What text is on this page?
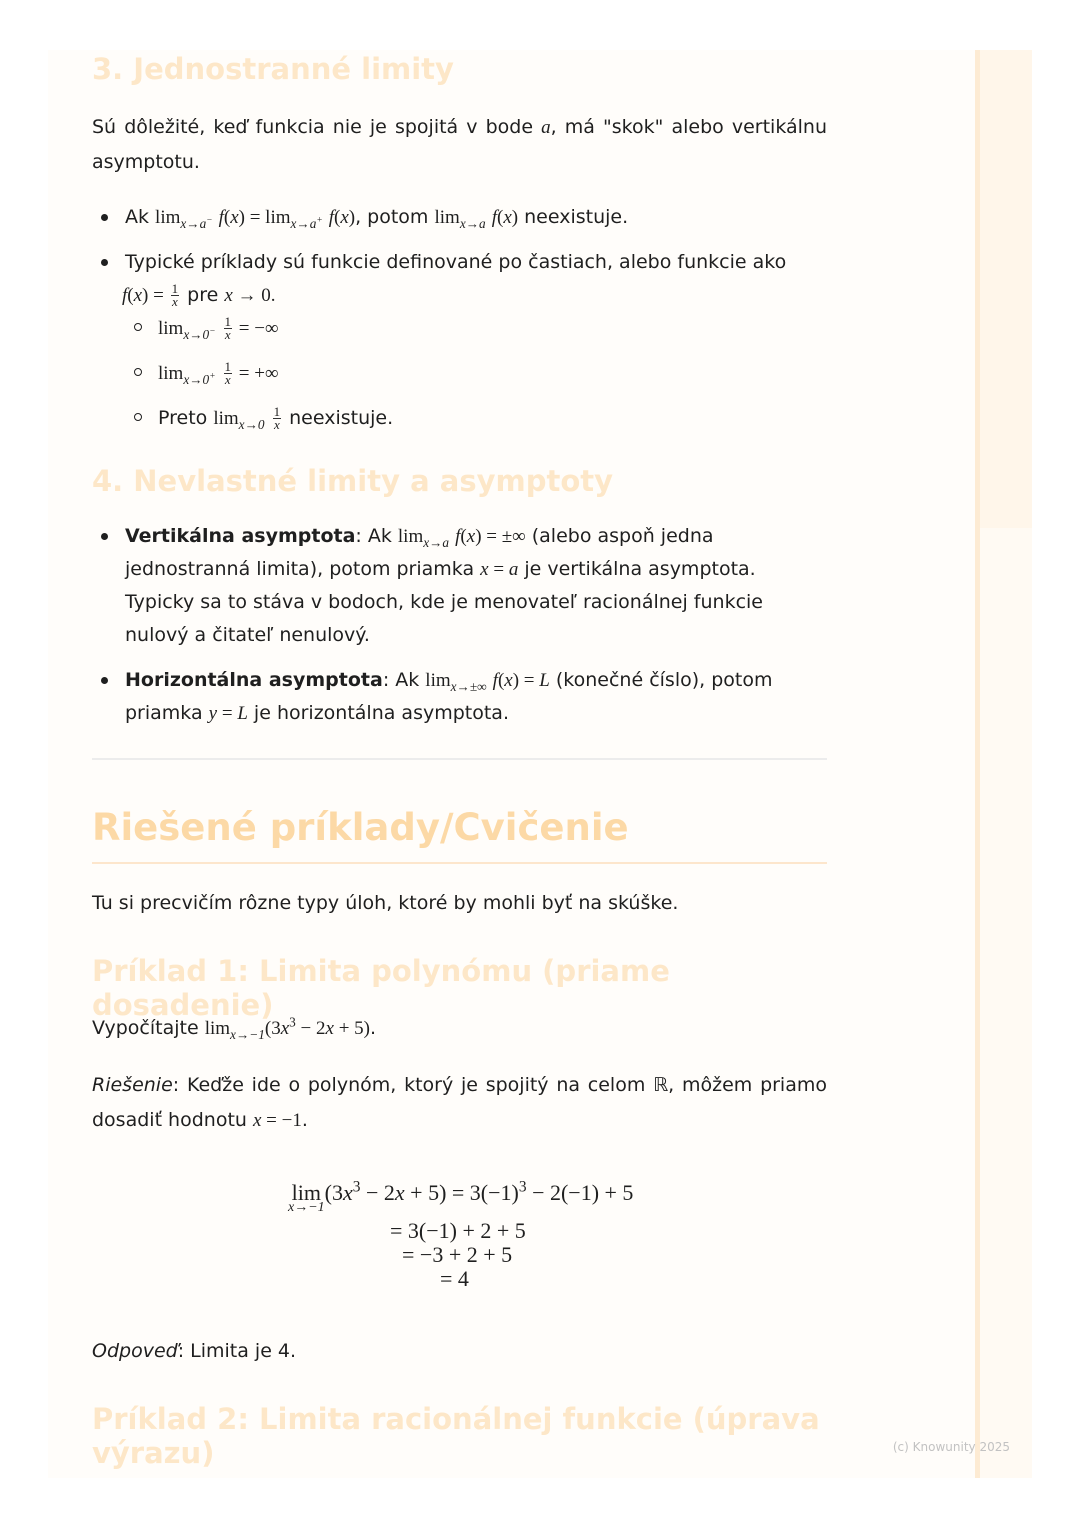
3. Jednostranné limity

Sú dôležité, keď funkcia nie je spojitá v bode a, má "skok" alebo vertikálnu asymptotu.

Ak $\lim_{x\to a^-} f(x) = \lim_{x\to a^+} f(x)$, potom $\lim_{x\to a} f(x)$ neexistuje.
Typické príklady sú funkcie definované po častiach, alebo funkcie ako
$f(x) = \frac{1}{x}$ pre x → 0.
$\lim_{x\to 0^-} \frac{1}{x}$ = −∞
$\lim_{x\to 0^+} \frac{1}{x}$ = +∞
Preto $\lim_{x\to 0} \frac{1}{x}$ neexistuje.
4. Nevlastné limity a asymptoty
Vertikálna asymptota: Ak $\lim_{x\to a} f(x)$ = ±∞ (alebo aspoň jedna jednostranná limita), potom priamka x = a je vertikálna asymptota. Typicky sa to stáva v bodoch, kde je menovateľ racionálnej funkcie nulový a čitateľ nenulový.
Horizontálna asymptota: Ak $\lim_{x\to\pm\infty} f(x) = L$ (konečné číslo), potom priamka y = L je horizontálna asymptota.
Riešené príklady/Cvičenie

Tu si precvičím rôzne typy úloh, ktoré by mohli byť na skúške.

Príklad 1: Limita polynómu (priame dosadenie)

Vypočítajte $\lim_{x\to-1}(3x^3 - 2x + 5)$.

Riešenie: Keďže ide o polynóm, ktorý je spojitý na celom ℝ, môžem priamo dosadiť hodnotu x = −1.

lim
x→−1
$(3x^3 - 2x + 5) = 3(-1)^3 - 2(-1) + 5$
= 3(−1) + 2 + 5
= −3 + 2 + 5
= 4

Odpoveď: Limita je 4.

Príklad 2: Limita racionálnej funkcie (úprava výrazu)	(c) Knowunity 2025
